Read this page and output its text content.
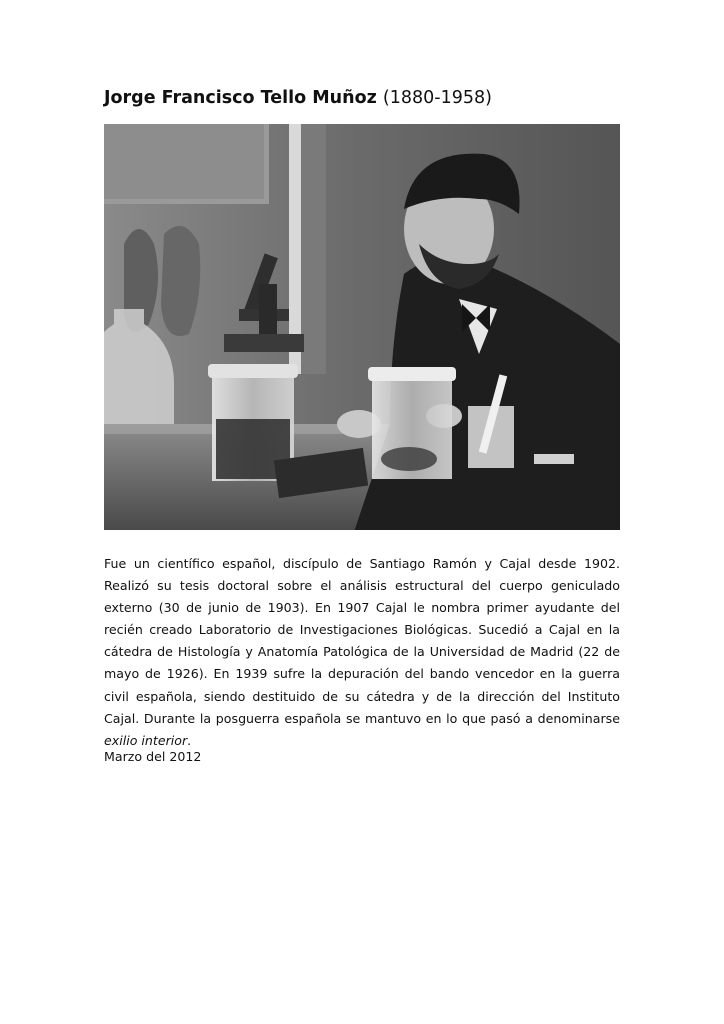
Jorge Francisco Tello Muñoz (1880-1958)

Fue un científico español, discípulo de Santiago Ramón y Cajal desde 1902. Realizó su tesis doctoral sobre el análisis estructural del cuerpo geniculado externo (30 de junio de 1903). En 1907 Cajal le nombra primer ayudante del recién creado Laboratorio de Investigaciones Biológicas. Sucedió a Cajal en la cátedra de Histología y Anatomía Patológica de la Universidad de Madrid (22 de mayo de 1926). En 1939 sufre la depuración del bando vencedor en la guerra civil española, siendo destituido de su cátedra y de la dirección del Instituto Cajal. Durante la posguerra española se mantuvo en lo que pasó a denominarse exilio interior.

Marzo del 2012
